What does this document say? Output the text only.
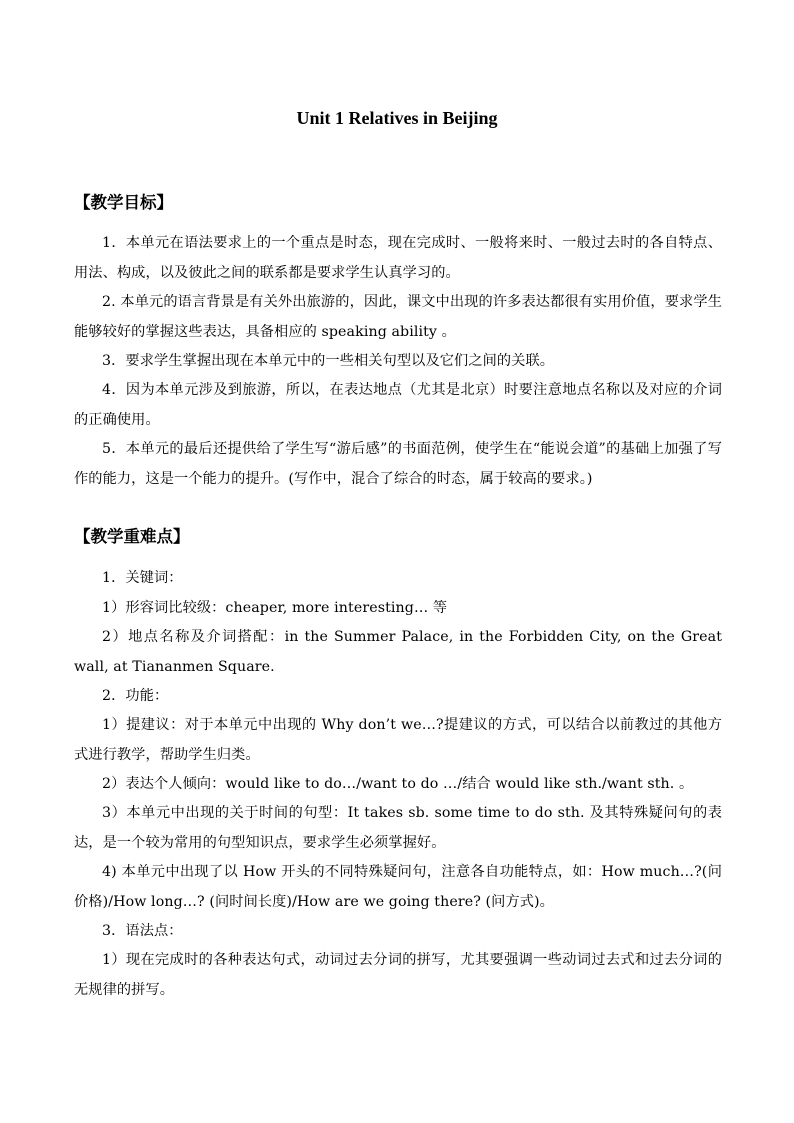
Unit 1 Relatives in Beijing
【教学目标】
1．本单元在语法要求上的一个重点是时态，现在完成时、一般将来时、一般过去时的各自特点、用法、构成，以及彼此之间的联系都是要求学生认真学习的。
2. 本单元的语言背景是有关外出旅游的，因此，课文中出现的许多表达都很有实用价值，要求学生能够较好的掌握这些表达，具备相应的 speaking ability 。
3．要求学生掌握出现在本单元中的一些相关句型以及它们之间的关联。
4．因为本单元涉及到旅游，所以，在表达地点（尤其是北京）时要注意地点名称以及对应的介词的正确使用。
5．本单元的最后还提供给了学生写“游后感”的书面范例，使学生在“能说会道”的基础上加强了写作的能力，这是一个能力的提升。(写作中，混合了综合的时态，属于较高的要求。)
【教学重难点】
1．关键词：
1）形容词比较级：cheaper, more interesting… 等
2）地点名称及介词搭配：in the Summer Palace, in the Forbidden City, on the Great wall, at Tiananmen Square.
2．功能：
1）提建议：对于本单元中出现的 Why don’t we…?提建议的方式，可以结合以前教过的其他方式进行教学，帮助学生归类。
2）表达个人倾向：would like to do…/want to do …/结合 would like sth./want sth. 。
3）本单元中出现的关于时间的句型：It takes sb. some time to do sth. 及其特殊疑问句的表达，是一个较为常用的句型知识点，要求学生必须掌握好。
4) 本单元中出现了以 How 开头的不同特殊疑问句，注意各自功能特点，如：How much…?(问价格)/How long…? (问时间长度)/How are we going there? (问方式)。
3．语法点：
1）现在完成时的各种表达句式，动词过去分词的拼写，尤其要强调一些动词过去式和过去分词的无规律的拼写。
